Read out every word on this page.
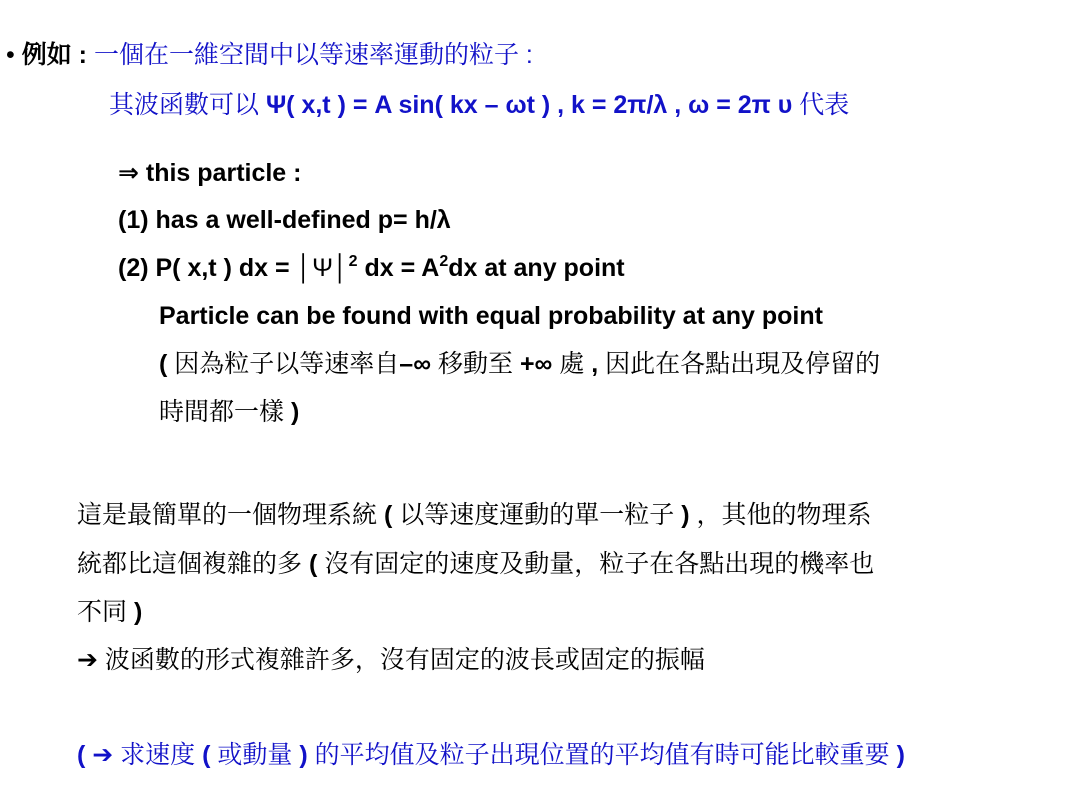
• 例如 : 一個在一維空間中以等速率運動的粒子 :
其波函數可以 Ψ( x,t ) = A sin( kx – ωt ) , k = 2π/λ , ω = 2π υ 代表
⇒ this particle :
(1) has a well-defined p= h/λ
(2) P( x,t ) dx = │Ψ│$^2$ dx = $A^2dx$ at any point
Particle can be found with equal probability at any point
( 因為粒子以等速率自–∞ 移動至 +∞ 處 , 因此在各點出現及停留的
時間都一樣 )
這是最簡單的一個物理系統 ( 以等速度運動的單一粒子 ) ，其他的物理系
統都比這個複雜的多 ( 沒有固定的速度及動量，粒子在各點出現的機率也
不同 )
➔ 波函數的形式複雜許多，沒有固定的波長或固定的振幅
( ➔ 求速度 ( 或動量 ) 的平均值及粒子出現位置的平均值有時可能比較重要 )
